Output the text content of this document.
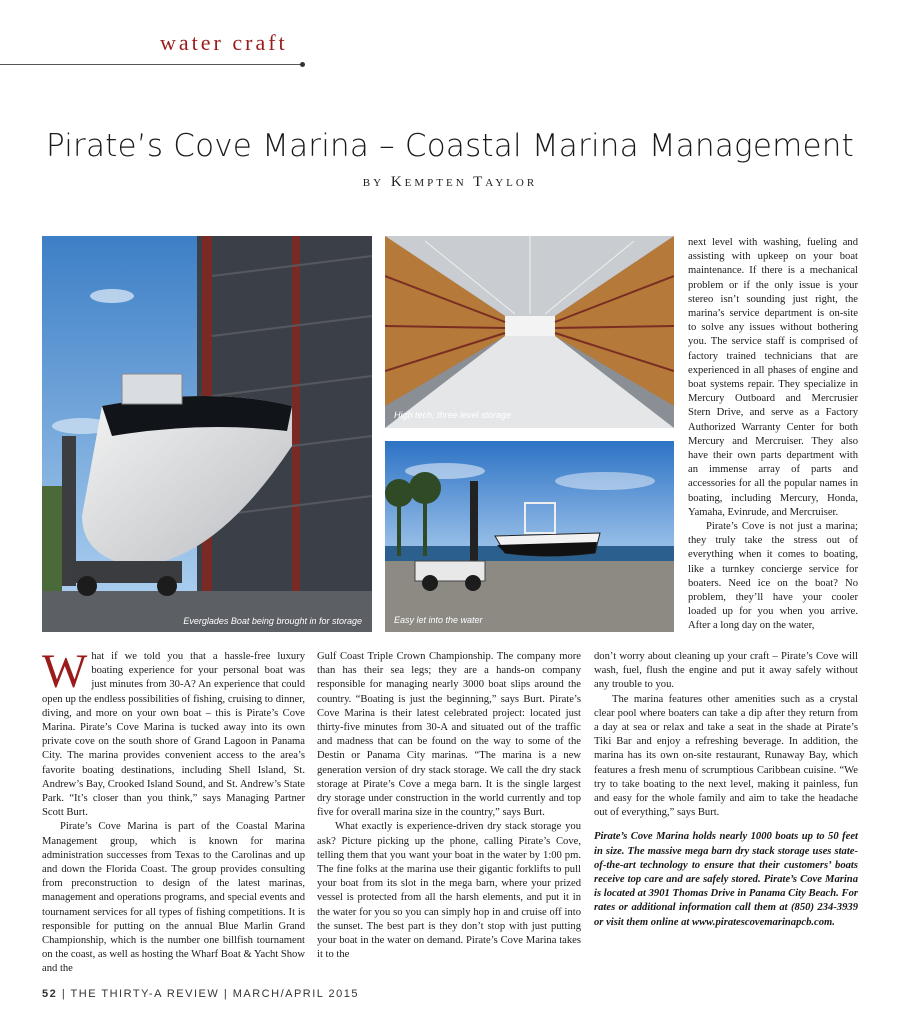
water craft
Pirate’s Cove Marina – Coastal Marina Management
by Kempten Taylor
Everglades Boat being brought in for storage
High tech, three level storage
Easy let into the water

next level with washing, fueling and assisting with upkeep on your boat maintenance. If there is a mechanical problem or if the only issue is your stereo isn’t sounding just right, the marina’s service department is on-site to solve any issues without bothering you. The service staff is comprised of factory trained technicians that are experienced in all phases of engine and boat systems repair. They specialize in Mercury Outboard and Mercrusier Stern Drive, and serve as a Factory Authorized Warranty Center for both Mercury and Mercruiser. They also have their own parts department with an immense array of parts and accessories for all the popular names in boating, including Mercury, Honda, Yamaha, Evinrude, and Mercruiser.

Pirate’s Cove is not just a marina; they truly take the stress out of everything when it comes to boating, like a turnkey concierge service for boaters. Need ice on the boat? No problem, they’ll have your cooler loaded up for you when you arrive. After a long day on the water,

What if we told you that a hassle-free luxury boating experience for your personal boat was just minutes from 30-A? An experience that could open up the endless possibilities of fishing, cruising to dinner, diving, and more on your own boat – this is Pirate’s Cove Marina. Pirate’s Cove Marina is tucked away into its own private cove on the south shore of Grand Lagoon in Panama City. The marina provides convenient access to the area’s favorite boating destinations, including Shell Island, St. Andrew’s Bay, Crooked Island Sound, and St. Andrew’s State Park. “It’s closer than you think,” says Managing Partner Scott Burt.

Pirate’s Cove Marina is part of the Coastal Marina Management group, which is known for marina administration successes from Texas to the Carolinas and up and down the Florida Coast. The group provides consulting from preconstruction to design of the latest marinas, management and operations programs, and special events and tournament services for all types of fishing competitions. It is responsible for putting on the annual Blue Marlin Grand Championship, which is the number one billfish tournament on the coast, as well as hosting the Wharf Boat & Yacht Show and the

Gulf Coast Triple Crown Championship. The company more than has their sea legs; they are a hands-on company responsible for managing nearly 3000 boat slips around the country. “Boating is just the beginning,” says Burt. Pirate’s Cove Marina is their latest celebrated project: located just thirty-five minutes from 30-A and situated out of the traffic and madness that can be found on the way to some of the Destin or Panama City marinas. “The marina is a new generation version of dry stack storage. We call the dry stack storage at Pirate’s Cove a mega barn. It is the single largest dry storage under construction in the world currently and top five for overall marina size in the country,” says Burt.

What exactly is experience-driven dry stack storage you ask? Picture picking up the phone, calling Pirate’s Cove, telling them that you want your boat in the water by 1:00 pm. The fine folks at the marina use their gigantic forklifts to pull your boat from its slot in the mega barn, where your prized vessel is protected from all the harsh elements, and put it in the water for you so you can simply hop in and cruise off into the sunset. The best part is they don’t stop with just putting your boat in the water on demand. Pirate’s Cove Marina takes it to the

don’t worry about cleaning up your craft – Pirate’s Cove will wash, fuel, flush the engine and put it away safely without any trouble to you.

The marina features other amenities such as a crystal clear pool where boaters can take a dip after they return from a day at sea or relax and take a seat in the shade at Pirate’s Tiki Bar and enjoy a refreshing beverage. In addition, the marina has its own on-site restaurant, Runaway Bay, which features a fresh menu of scrumptious Caribbean cuisine. “We try to take boating to the next level, making it painless, fun and easy for the whole family and aim to take the headache out of everything,” says Burt.

Pirate’s Cove Marina holds nearly 1000 boats up to 50 feet in size. The massive mega barn dry stack storage uses state-of-the-art technology to ensure that their customers’ boats receive top care and are safely stored. Pirate’s Cove Marina is located at 3901 Thomas Drive in Panama City Beach. For rates or additional information call them at (850) 234-3939 or visit them online at www.piratescovemarinapcb.com.

52 | THE THIRTY-A REVIEW | MARCH/APRIL 2015
